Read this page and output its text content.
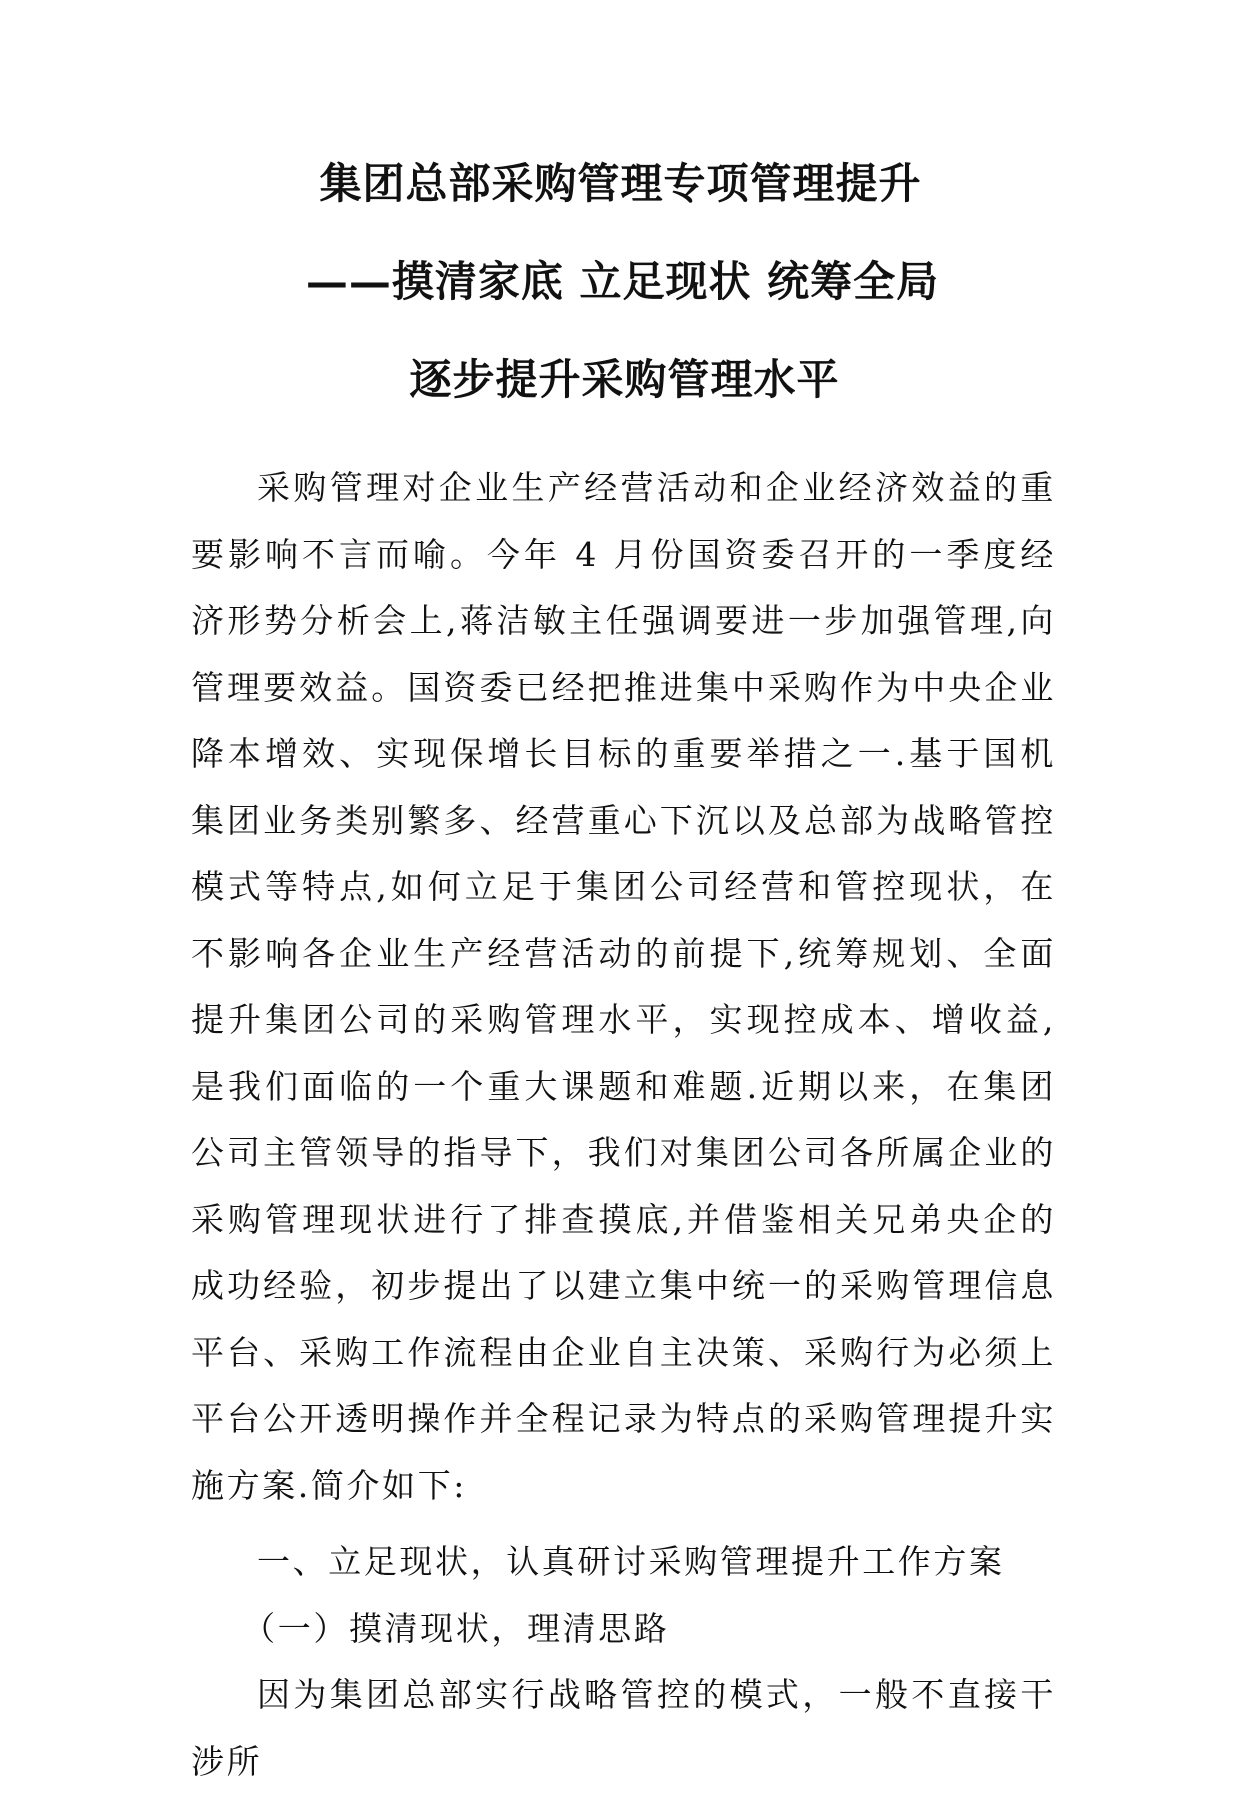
集团总部采购管理专项管理提升
——摸清家底 立足现状 统筹全局
逐步提升采购管理水平

采购管理对企业生产经营活动和企业经济效益的重要影响不言而喻。今年 4 月份国资委召开的一季度经济形势分析会上,蒋洁敏主任强调要进一步加强管理,向管理要效益。国资委已经把推进集中采购作为中央企业降本增效、实现保增长目标的重要举措之一.基于国机集团业务类别繁多、经营重心下沉以及总部为战略管控模式等特点,如何立足于集团公司经营和管控现状，在不影响各企业生产经营活动的前提下,统筹规划、全面提升集团公司的采购管理水平，实现控成本、增收益,是我们面临的一个重大课题和难题.近期以来，在集团公司主管领导的指导下，我们对集团公司各所属企业的采购管理现状进行了排查摸底,并借鉴相关兄弟央企的成功经验，初步提出了以建立集中统一的采购管理信息平台、采购工作流程由企业自主决策、采购行为必须上平台公开透明操作并全程记录为特点的采购管理提升实施方案.简介如下:

一、立足现状，认真研讨采购管理提升工作方案

（一）摸清现状，理清思路

因为集团总部实行战略管控的模式，一般不直接干涉所
